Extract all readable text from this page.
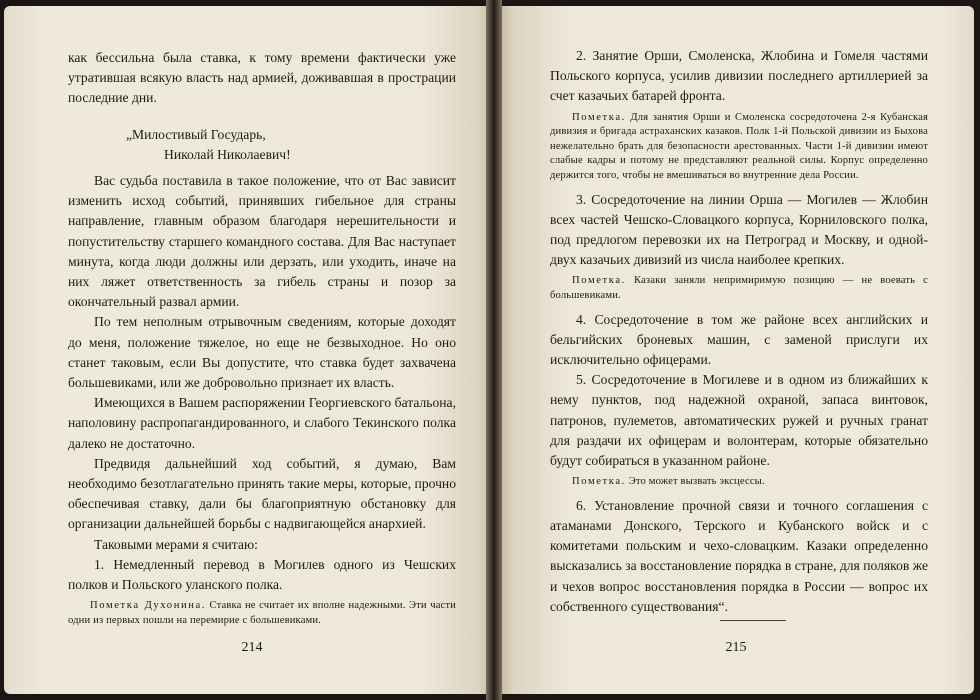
как бессильна была ставка, к тому времени фактически уже утратившая всякую власть над армией, доживавшая в прострации последние дни.

„Милостивый Государь,

Николай Николаевич!

Вас судьба поставила в такое положение, что от Вас зависит изменить исход событий, принявших гибельное для страны направление, главным образом благодаря нерешительности и попустительству старшего командного состава. Для Вас наступает минута, когда люди должны или дерзать, или уходить, иначе на них ляжет ответственность за гибель страны и позор за окончательный развал армии.

По тем неполным отрывочным сведениям, которые доходят до меня, положение тяжелое, но еще не безвыходное. Но оно станет таковым, если Вы допустите, что ставка будет захвачена большевиками, или же добровольно признает их власть.

Имеющихся в Вашем распоряжении Георгиевского батальона, наполовину распропагандированного, и слабого Текинского полка далеко не достаточно.

Предвидя дальнейший ход событий, я думаю, Вам необходимо безотлагательно принять такие меры, которые, прочно обеспечивая ставку, дали бы благоприятную обстановку для организации дальнейшей борьбы с надвигающейся анархией.

Таковыми мерами я считаю:

1. Немедленный перевод в Могилев одного из Чешских полков и Польского уланского полка.

Пометка Духонина. Ставка не считает их вполне надежными. Эти части одни из первых пошли на перемирие с большевиками.

214

2. Занятие Орши, Смоленска, Жлобина и Гомеля частями Польского корпуса, усилив дивизии последнего артиллерией за счет казачьих батарей фронта.

Пометка. Для занятия Орши и Смоленска сосредоточена 2-я Кубанская дивизия и бригада астраханских казаков. Полк 1-й Польской дивизии из Быхова нежелательно брать для безопасности арестованных. Части 1-й дивизии имеют слабые кадры и потому не представляют реальной силы. Корпус определенно держится того, чтобы не вмешиваться во внутренние дела России.

3. Сосредоточение на линии Орша — Могилев — Жлобин всех частей Чешско-Словацкого корпуса, Корниловского полка, под предлогом перевозки их на Петроград и Москву, и одной-двух казачьих дивизий из числа наиболее крепких.

Пометка. Казаки заняли непримиримую позицию — не воевать с большевиками.

4. Сосредоточение в том же районе всех английских и бельгийских броневых машин, с заменой прислуги их исключительно офицерами.

5. Сосредоточение в Могилеве и в одном из ближайших к нему пунктов, под надежной охраной, запаса винтовок, патронов, пулеметов, автоматических ружей и ручных гранат для раздачи их офицерам и волонтерам, которые обязательно будут собираться в указанном районе.

Пометка. Это может вызвать эксцессы.

6. Установление прочной связи и точного соглашения с атаманами Донского, Терского и Кубанского войск и с комитетами польским и чехо-словацким. Казаки определенно высказались за восстановление порядка в стране, для поляков же и чехов вопрос восстановления порядка в России — вопрос их собственного существования“.

215
